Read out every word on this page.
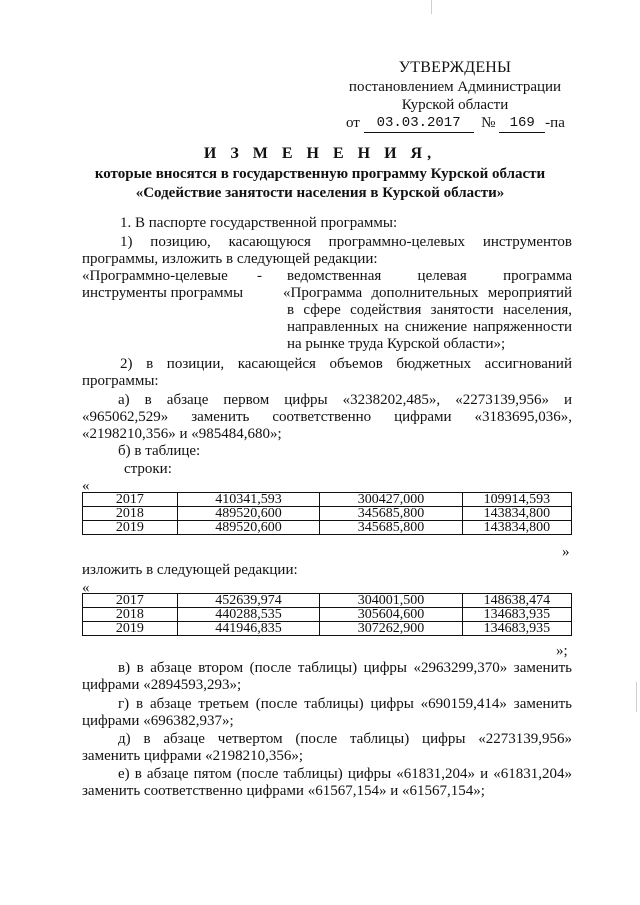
УТВЕРЖДЕНЫ
постановлением Администрации
Курской области
от
	03.03.2017
	№
	169 -па
И З М Е Н Е Н И Я,
которые вносятся в государственную программу Курской области
«Содействие занятости населения в Курской области»
1. В паспорте государственной программы:
1) позицию, касающуюся программно-целевых инструментов
программы, изложить в следующей редакции:
«Программно-целевые -
инструменты программы
ведомственная целевая программа
«Программа дополнительных мероприятий
в сфере содействия занятости населения,
направленных на снижение напряженности
на рынке труда Курской области»;
2) в позиции, касающейся объемов бюджетных ассигнований
программы:
а) в абзаце первом цифры «3238202,485», «2273139,956» и
«965062,529» заменить соответственно цифрами «3183695,036»,
«2198210,356» и «985484,680»;
б) в таблице:
строки:
«
2017	410341,593	300427,000	109914,593
2018	489520,600	345685,800	143834,800
2019	489520,600	345685,800	143834,800
»
изложить в следующей редакции:
«
2017	452639,974	304001,500	148638,474
2018	440288,535	305604,600	134683,935
2019	441946,835	307262,900	134683,935
»;
в) в абзаце втором (после таблицы) цифры «2963299,370» заменить
цифрами «2894593,293»;
г) в абзаце третьем (после таблицы) цифры «690159,414» заменить
цифрами «696382,937»;
д) в абзаце четвертом (после таблицы) цифры «2273139,956»
заменить цифрами «2198210,356»;
е) в абзаце пятом (после таблицы) цифры «61831,204» и «61831,204»
заменить соответственно цифрами «61567,154» и «61567,154»;
